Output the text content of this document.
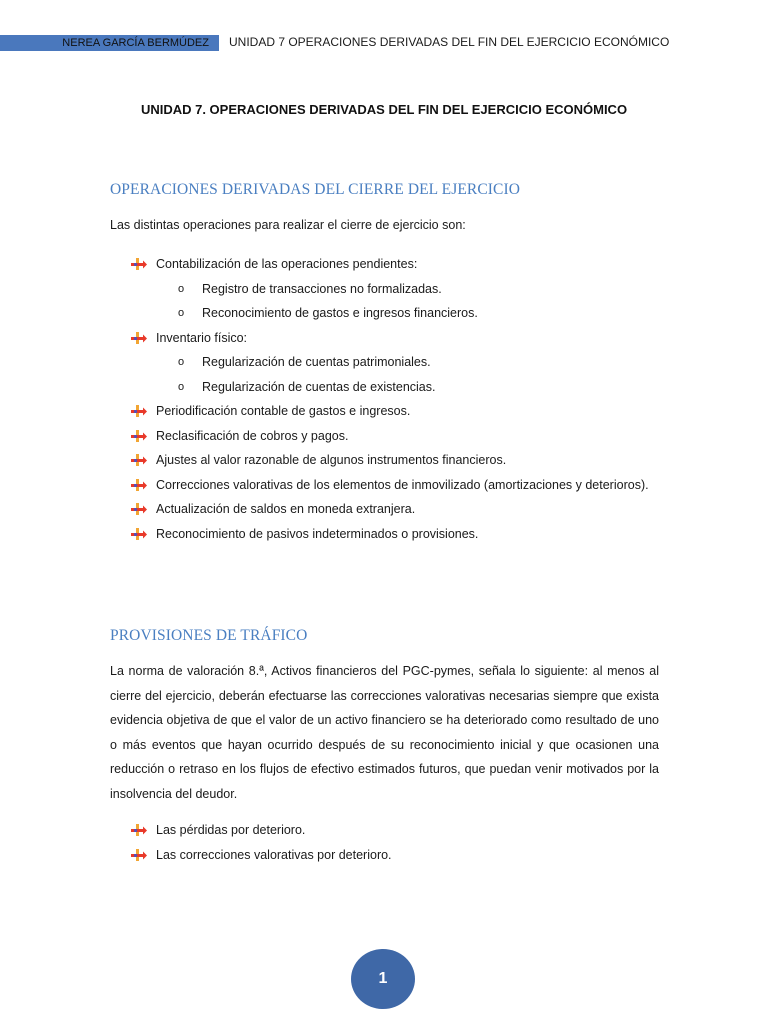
NEREA GARCÍA BERMÚDEZ	UNIDAD 7 OPERACIONES DERIVADAS DEL FIN DEL EJERCICIO ECONÓMICO
UNIDAD 7. OPERACIONES DERIVADAS DEL FIN DEL EJERCICIO ECONÓMICO
OPERACIONES DERIVADAS DEL CIERRE DEL EJERCICIO

Las distintas operaciones para realizar el cierre de ejercicio son:

Contabilización de las operaciones pendientes:
o Registro de transacciones no formalizadas.
o Reconocimiento de gastos e ingresos financieros.
Inventario físico:
o Regularización de cuentas patrimoniales.
o Regularización de cuentas de existencias.
Periodificación contable de gastos e ingresos.
Reclasificación de cobros y pagos.
Ajustes al valor razonable de algunos instrumentos financieros.
Correcciones valorativas de los elementos de inmovilizado (amortizaciones y deterioros).
Actualización de saldos en moneda extranjera.
Reconocimiento de pasivos indeterminados o provisiones.
PROVISIONES DE TRÁFICO

La norma de valoración 8.ª, Activos financieros del PGC-pymes, señala lo siguiente: al menos al cierre del ejercicio, deberán efectuarse las correcciones valorativas necesarias siempre que exista evidencia objetiva de que el valor de un activo financiero se ha deteriorado como resultado de uno o más eventos que hayan ocurrido después de su reconocimiento inicial y que ocasionen una reducción o retraso en los flujos de efectivo estimados futuros, que puedan venir motivados por la insolvencia del deudor.

Las pérdidas por deterioro.
Las correcciones valorativas por deterioro.
1
